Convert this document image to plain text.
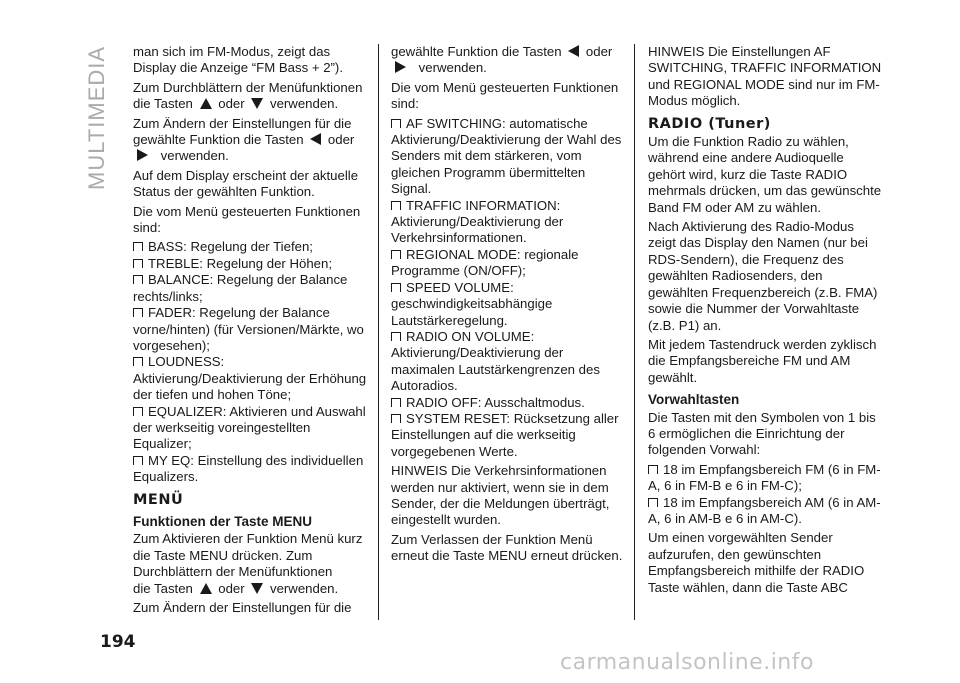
MULTIMEDIA man sich im FM-Modus, zeigt das Display die Anzeige “FM Bass + 2”).

Zum Durchblättern der Menüfunktionen die Tasten oder verwenden.

Zum Ändern der Einstellungen für die gewählte Funktion die Tasten oder
verwenden.

Auf dem Display erscheint der aktuelle Status der gewählten Funktion.

Die vom Menü gesteuerten Funktionen sind:

BASS: Regelung der Tiefen;
TREBLE: Regelung der Höhen;
BALANCE: Regelung der Balance rechts/links;
FADER: Regelung der Balance vorne/hinten) (für Versionen/Märkte, wo vorgesehen);
LOUDNESS: Aktivierung/Deaktivierung der Erhöhung der tiefen und hohen Töne;
EQUALIZER: Aktivieren und Auswahl der werkseitig voreingestellten Equalizer;
MY EQ: Einstellung des individuellen Equalizers.
MENÜ
Funktionen der Taste MENU

Zum Aktivieren der Funktion Menü kurz die Taste MENU drücken. Zum Durchblättern der Menüfunktionen

die Tasten oder verwenden.

Zum Ändern der Einstellungen für die

gewählte Funktion die Tasten oder
verwenden.

Die vom Menü gesteuerten Funktionen sind:

AF SWITCHING: automatische Aktivierung/Deaktivierung der Wahl des Senders mit dem stärkeren, vom gleichen Programm übermittelten Signal.
TRAFFIC INFORMATION: Aktivierung/Deaktivierung der Verkehrsinformationen.
REGIONAL MODE: regionale Programme (ON/OFF);
SPEED VOLUME: geschwindigkeitsabhängige Lautstärkeregelung.
RADIO ON VOLUME: Aktivierung/Deaktivierung der maximalen Lautstärkengrenzen des Autoradios.
RADIO OFF: Ausschaltmodus.
SYSTEM RESET: Rücksetzung aller Einstellungen auf die werkseitig vorgegebenen Werte.

HINWEIS Die Verkehrsinformationen werden nur aktiviert, wenn sie in dem Sender, der die Meldungen überträgt, eingestellt wurden.

Zum Verlassen der Funktion Menü erneut die Taste MENU erneut drücken.

HINWEIS Die Einstellungen AF SWITCHING, TRAFFIC INFORMATION und REGIONAL MODE sind nur im FM-Modus möglich.

RADIO (Tuner)

Um die Funktion Radio zu wählen, während eine andere Audioquelle gehört wird, kurz die Taste RADIO mehrmals drücken, um das gewünschte Band FM oder AM zu wählen.

Nach Aktivierung des Radio-Modus zeigt das Display den Namen (nur bei RDS-Sendern), die Frequenz des gewählten Radiosenders, den gewählten Frequenzbereich (z.B. FMA) sowie die Nummer der Vorwahltaste (z.B. P1) an.

Mit jedem Tastendruck werden zyklisch die Empfangsbereiche FM und AM gewählt.

Vorwahltasten

Die Tasten mit den Symbolen von 1 bis 6 ermöglichen die Einrichtung der folgenden Vorwahl:

18 im Empfangsbereich FM (6 in FM-A, 6 in FM-B e 6 in FM-C);
18 im Empfangsbereich AM (6 in AM-A, 6 in AM-B e 6 in AM-C).

Um einen vorgewählten Sender aufzurufen, den gewünschten Empfangsbereich mithilfe der RADIO Taste wählen, dann die Taste ABC

194
carmanualsonline.info
